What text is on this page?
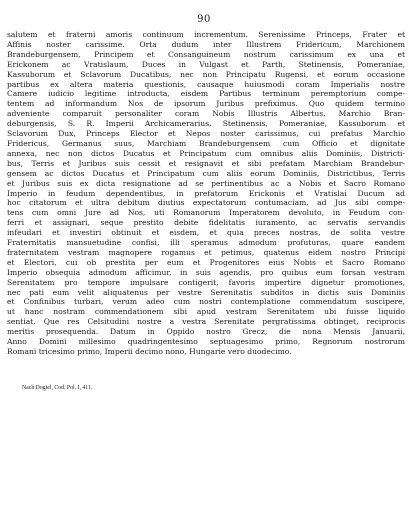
90
salutem et fraterni amoris continuum incrementum. Serenissime Princeps, Frater et
Affinis noster carissime. Orta dudum inter Illustrem Fridericum, Marchionem
Brandeburgensem, Principem et Consanguineum nostrum carissimum ex una et
Erickonem ac Vratislaum, Duces in Vulgast et Parth, Stetinensis, Pomeraniae,
Kassuborum et Sclavorum Ducatibus, nec non Principatu Rugensi, et eorum occasione
partibus ex altera materia questionis, causaque huiusmodi coram Imperialis nostre
Camere iudicio legitime introducta, eisdem Partibus terminum peremptorium compe-
tentem ad informandum Nos de ipsorum Juribus prefiximus. Quo quidem termino
adveniente comparuit personaliter coram Nobis Illustris Albertus, Marchio Bran-
deburgensis, S. R. Imperii Archicamerarius, Stetinensis, Pomeraniae, Kassuborum et
Sclavorum Dux, Princeps Elector et Nepos noster carissimus, cui prefatus Marchio
Fridericus, Germanus suus, Marchiam Brandeburgensem cum Officio et dignitate
annexa, nec non dictos Ducatus et Principatum cum omnibus aliis Dominiis, Districti-
bus, Terris et Juribus suis cessit et resignavit et sibi prefatam Marchiam Brandebur-
gensem ac dictos Ducatus et Principatum cum aliis eorum Dominiis, Districtibus, Terris
et Juribus suis ex dicta resignatione ad se pertinentibus ac a Nobis et Sacro Romano
Imperio in feudum dependentibus, in prefatorum Erickonis et Vratislai Ducum ad
hoc citatorum et ultra debitum diutius expectatorum contumaciam, ad Jus sibi compe-
tens cum omni Jure ad Nos, uti Romanorum Imperatorem devoluto, in Feudum con-
ferri et assignari, seque prestito debite fidelitatis iuramento, ac servatis servandis
infeudari et investiri obtinuit et eisdem, et quia preces nostras, de solita vestre
Fraternitatis mansuetudine confisi, illi speramus admodum profuturas, quare eandem
fraternitatem vestram magnopere rogamus et petimus, quatenus eidem nostro Principi
et Electori, cui ob prestita per eum et Progenitores eius Nobis et Sacro Romano
Imperio obsequia admodum afficimur, in suis agendis, pro quibus eum forsan vestram
Serenitatem pro tempore impulsare contigerit, favoris impertire dignetur promotiones,
nec pati eum velit aliquatenus per vestre Serenitatis subditos in dictis suis Dominiis
et Confinibus turbari, verum adeo cum nostri contemplatione commendatum suscipere,
ut hanc nostram commendationem sibi apud vestram Serenitatem ubi fuisse liquido
sentiat. Que res Celsitudini nostre a vestra Serenitate pergratissima obtinget, reciprocis
meritis prosequenda. Datum in Oppido nostro Grecz, die nona Mensis Januarii,
Anno Domini millesimo quadringentesimo septuagesimo primo, Regnorum nostrorum
Romani tricesimo primo, Imperii decimo nono, Hungarie vero duodecimo.
Nach Dogiel, Cod. Pol. I, 411.
